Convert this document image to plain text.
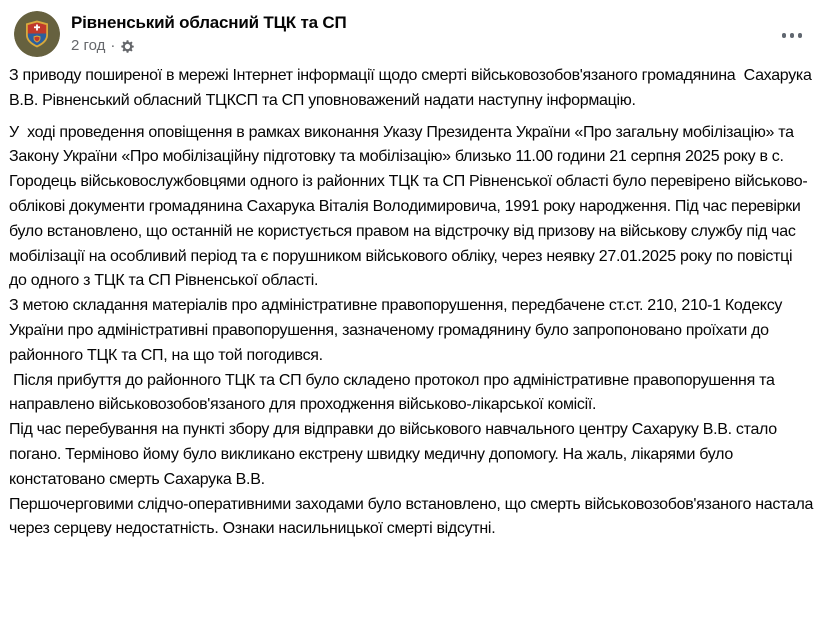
Рівненський обласний ТЦК та СП
2 год ·

З приводу поширеної в мережі Інтернет інформації щодо смерті військовозобов'язаного громадянина  Сахарука В.В. Рівненський обласний ТЦКСП та СП уповноважений надати наступну інформацію.

У  ході проведення оповіщення в рамках виконання Указу Президента України «Про загальну мобілізацію» та Закону України «Про мобілізаційну підготовку та мобілізацію» близько 11.00 години 21 серпня 2025 року в с. Городець військовослужбовцями одного із районних ТЦК та СП Рівненської області було перевірено військово-облікові документи громадянина Сахарука Віталія Володимировича, 1991 року народження. Під час перевірки було встановлено, що останній не користується правом на відстрочку від призову на військову службу під час мобілізації на особливий період та є порушником військового обліку, через неявку 27.01.2025 року по повістці до одного з ТЦК та СП Рівненської області.

З метою складання матеріалів про адміністративне правопорушення, передбачене ст.ст. 210, 210-1 Кодексу України про адміністративні правопорушення, зазначеному громадянину було запропоновано проїхати до районного ТЦК та СП, на що той погодився.

Після прибуття до районного ТЦК та СП було складено протокол про адміністративне правопорушення та направлено військовозобов'язаного для проходження військово-лікарської комісії.

Під час перебування на пункті збору для відправки до військового навчального центру Сахаруку В.В. стало погано. Терміново йому було викликано екстрену швидку медичну допомогу. На жаль, лікарями було констатовано смерть Сахарука В.В.

Першочерговими слідчо-оперативними заходами було встановлено, що смерть військовозобов'язаного настала через серцеву недостатність. Ознаки насильницької смерті відсутні.
